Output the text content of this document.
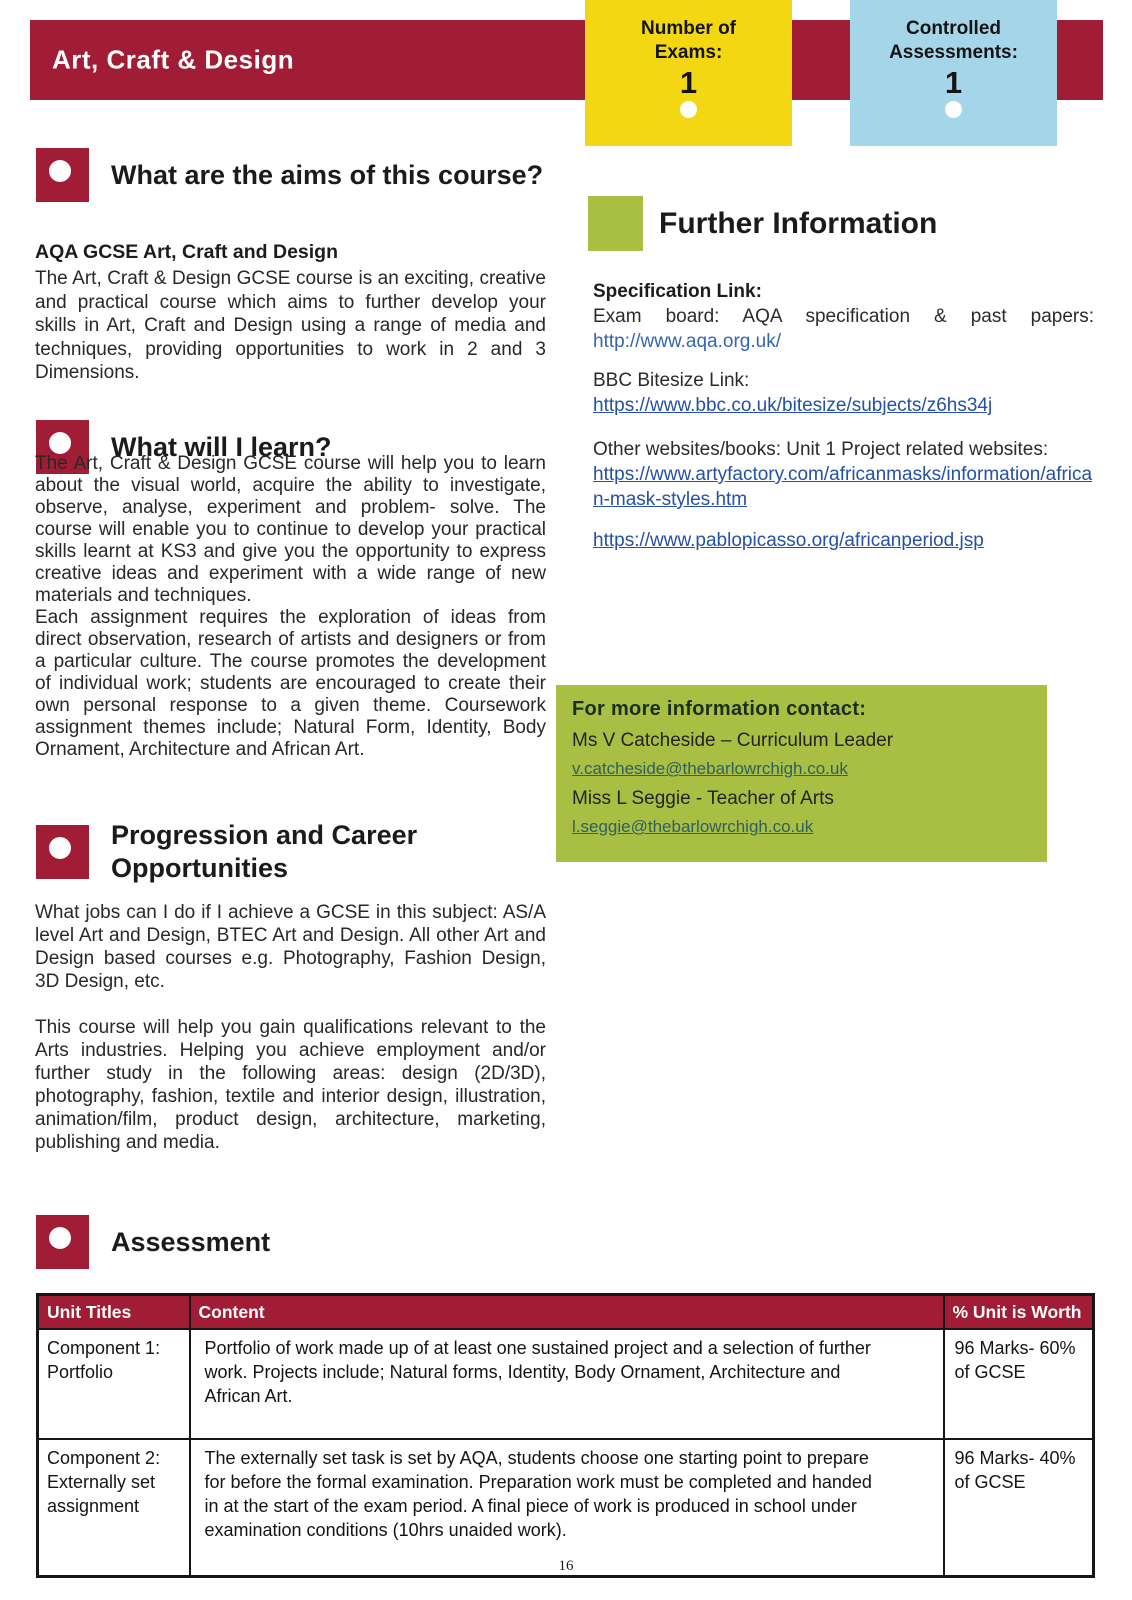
Art, Craft & Design
Number of
Exams:
1
Controlled
Assessments:
1
What are the aims of this course?
AQA GCSE Art, Craft and Design

The Art, Craft & Design GCSE course is an exciting, creative and practical course which aims to further develop your skills in Art, Craft and Design using a range of media and techniques, providing opportunities to work in 2 and 3 Dimensions.

What will I learn?

The Art, Craft & Design GCSE course will help you to learn about the visual world, acquire the ability to investigate, observe, analyse, experiment and problem- solve. The course will enable you to continue to develop your practical skills learnt at KS3 and give you the opportunity to express creative ideas and experiment with a wide range of new materials and techniques.

Each assignment requires the exploration of ideas from direct observation, research of artists and designers or from a particular culture. The course promotes the development of individual work; students are encouraged to create their own personal response to a given theme. Coursework assignment themes include; Natural Form, Identity, Body Ornament, Architecture and African Art.

Progression and Career Opportunities

What jobs can I do if I achieve a GCSE in this subject: AS/A level Art and Design, BTEC Art and Design. All other Art and Design based courses e.g. Photography, Fashion Design, 3D Design, etc.

This course will help you gain qualifications relevant to the Arts industries. Helping you achieve employment and/or further study in the following areas: design (2D/3D), photography, fashion, textile and interior design, illustration, animation/film, product design, architecture, marketing, publishing and media.

Further Information
Specification Link:
Exam board: AQA specification & past papers:
http://www.aqa.org.uk/
BBC Bitesize Link:
https://www.bbc.co.uk/bitesize/subjects/z6hs34j
Other websites/books: Unit 1 Project related websites:
https://www.artyfactory.com/africanmasks/information/african-mask-styles.htm
https://www.pablopicasso.org/africanperiod.jsp
For more information contact:
Ms V Catcheside – Curriculum Leader
v.catcheside@thebarlowrchigh.co.uk
Miss L Seggie - Teacher of Arts
l.seggie@thebarlowrchigh.co.uk
Assessment
Unit Titles	Content	% Unit is Worth
Component 1: Portfolio	Portfolio of work made up of at least one sustained project and a selection of further work. Projects include; Natural forms, Identity, Body Ornament, Architecture and African Art.	96 Marks- 60% of GCSE
Component 2: Externally set assignment	The externally set task is set by AQA, students choose one starting point to prepare for before the formal examination. Preparation work must be completed and handed in at the start of the exam period. A final piece of work is produced in school under examination conditions (10hrs unaided work).	96 Marks- 40% of GCSE
16
